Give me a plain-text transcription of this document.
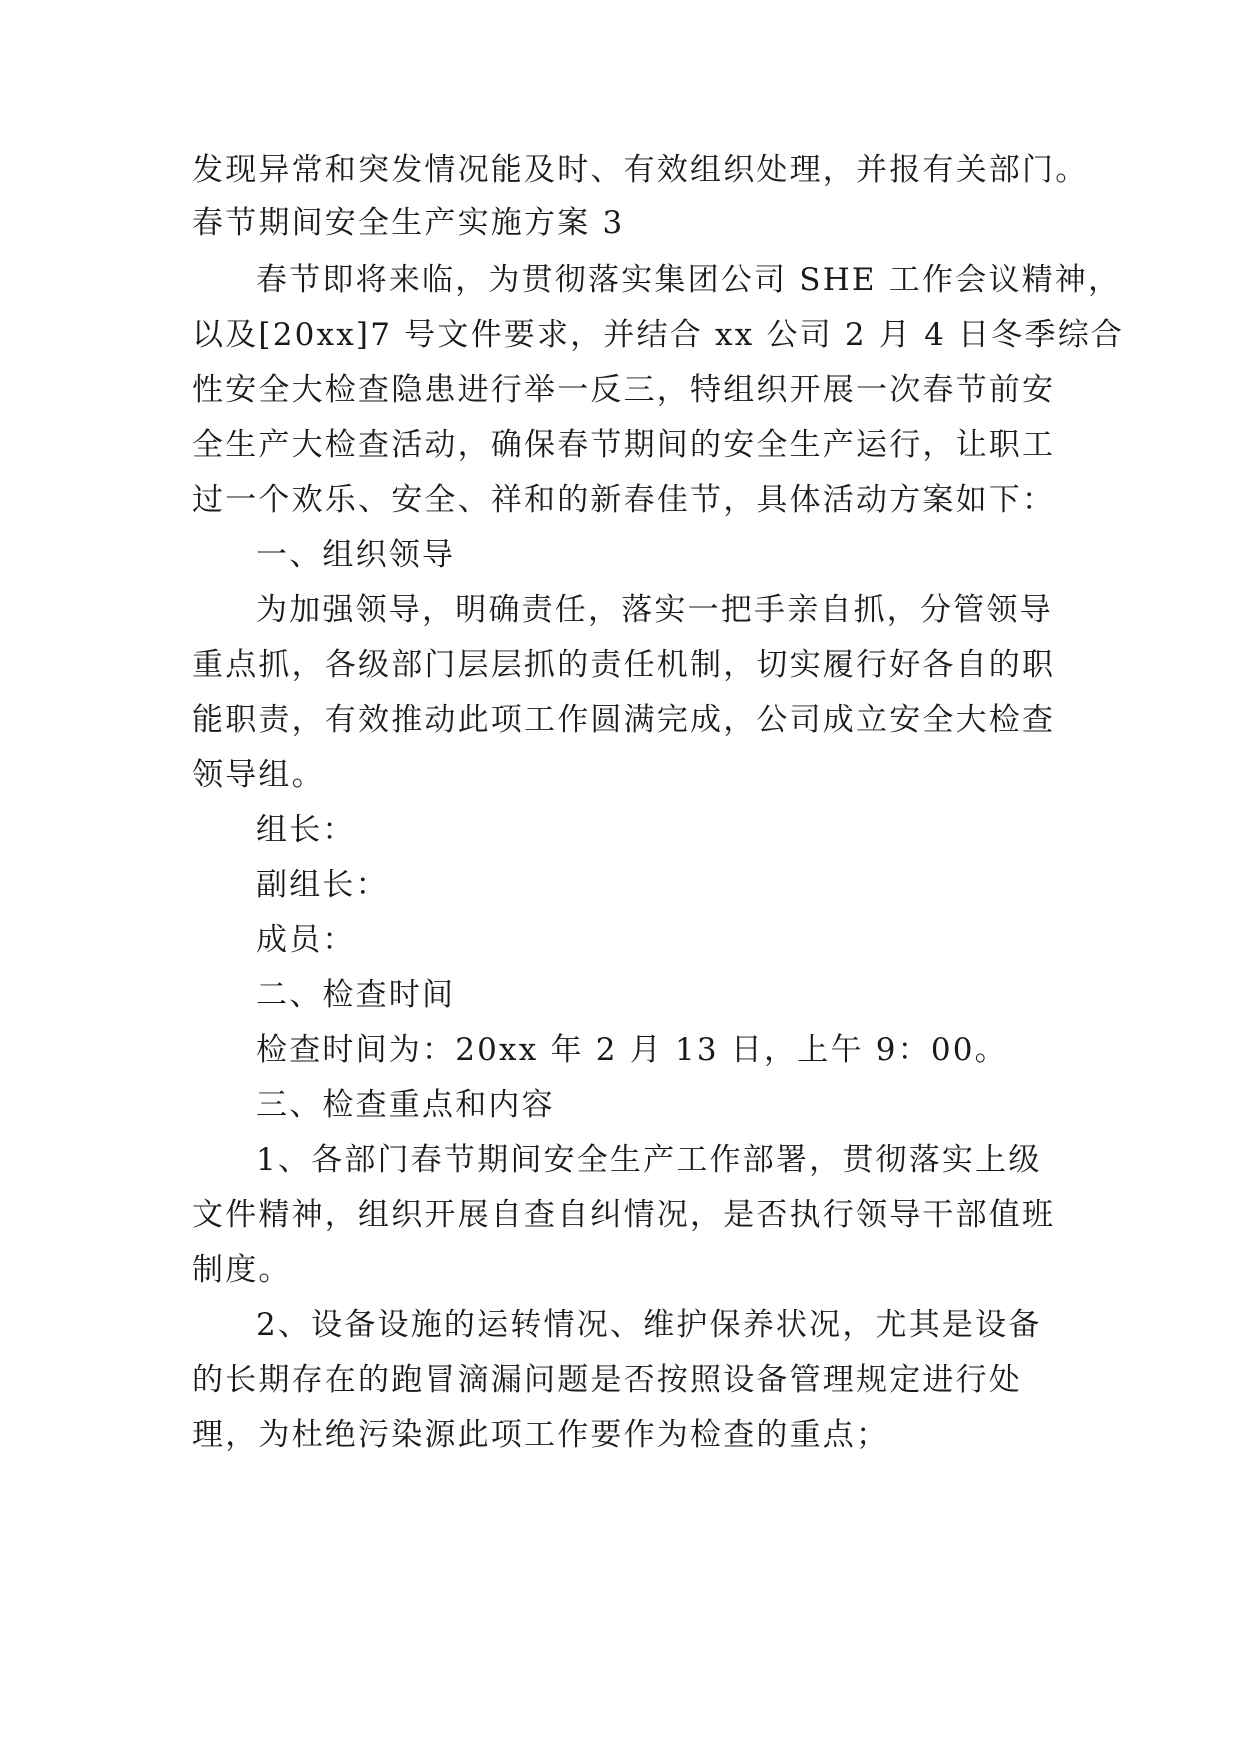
发现异常和突发情况能及时、有效组织处理，并报有关部门。
春节期间安全生产实施方案 3
春节即将来临，为贯彻落实集团公司 SHE 工作会议精神，
以及[20xx]7 号文件要求，并结合 xx 公司 2 月 4 日冬季综合
性安全大检查隐患进行举一反三，特组织开展一次春节前安
全生产大检查活动，确保春节期间的安全生产运行，让职工
过一个欢乐、安全、祥和的新春佳节，具体活动方案如下：
一、组织领导
为加强领导，明确责任，落实一把手亲自抓，分管领导
重点抓，各级部门层层抓的责任机制，切实履行好各自的职
能职责，有效推动此项工作圆满完成，公司成立安全大检查
领导组。
组长：
副组长：
成员：
二、检查时间
检查时间为：20xx 年 2 月 13 日，上午 9：00。
三、检查重点和内容
1、各部门春节期间安全生产工作部署，贯彻落实上级
文件精神，组织开展自查自纠情况，是否执行领导干部值班
制度。
2、设备设施的运转情况、维护保养状况，尤其是设备
的长期存在的跑冒滴漏问题是否按照设备管理规定进行处
理，为杜绝污染源此项工作要作为检查的重点；
